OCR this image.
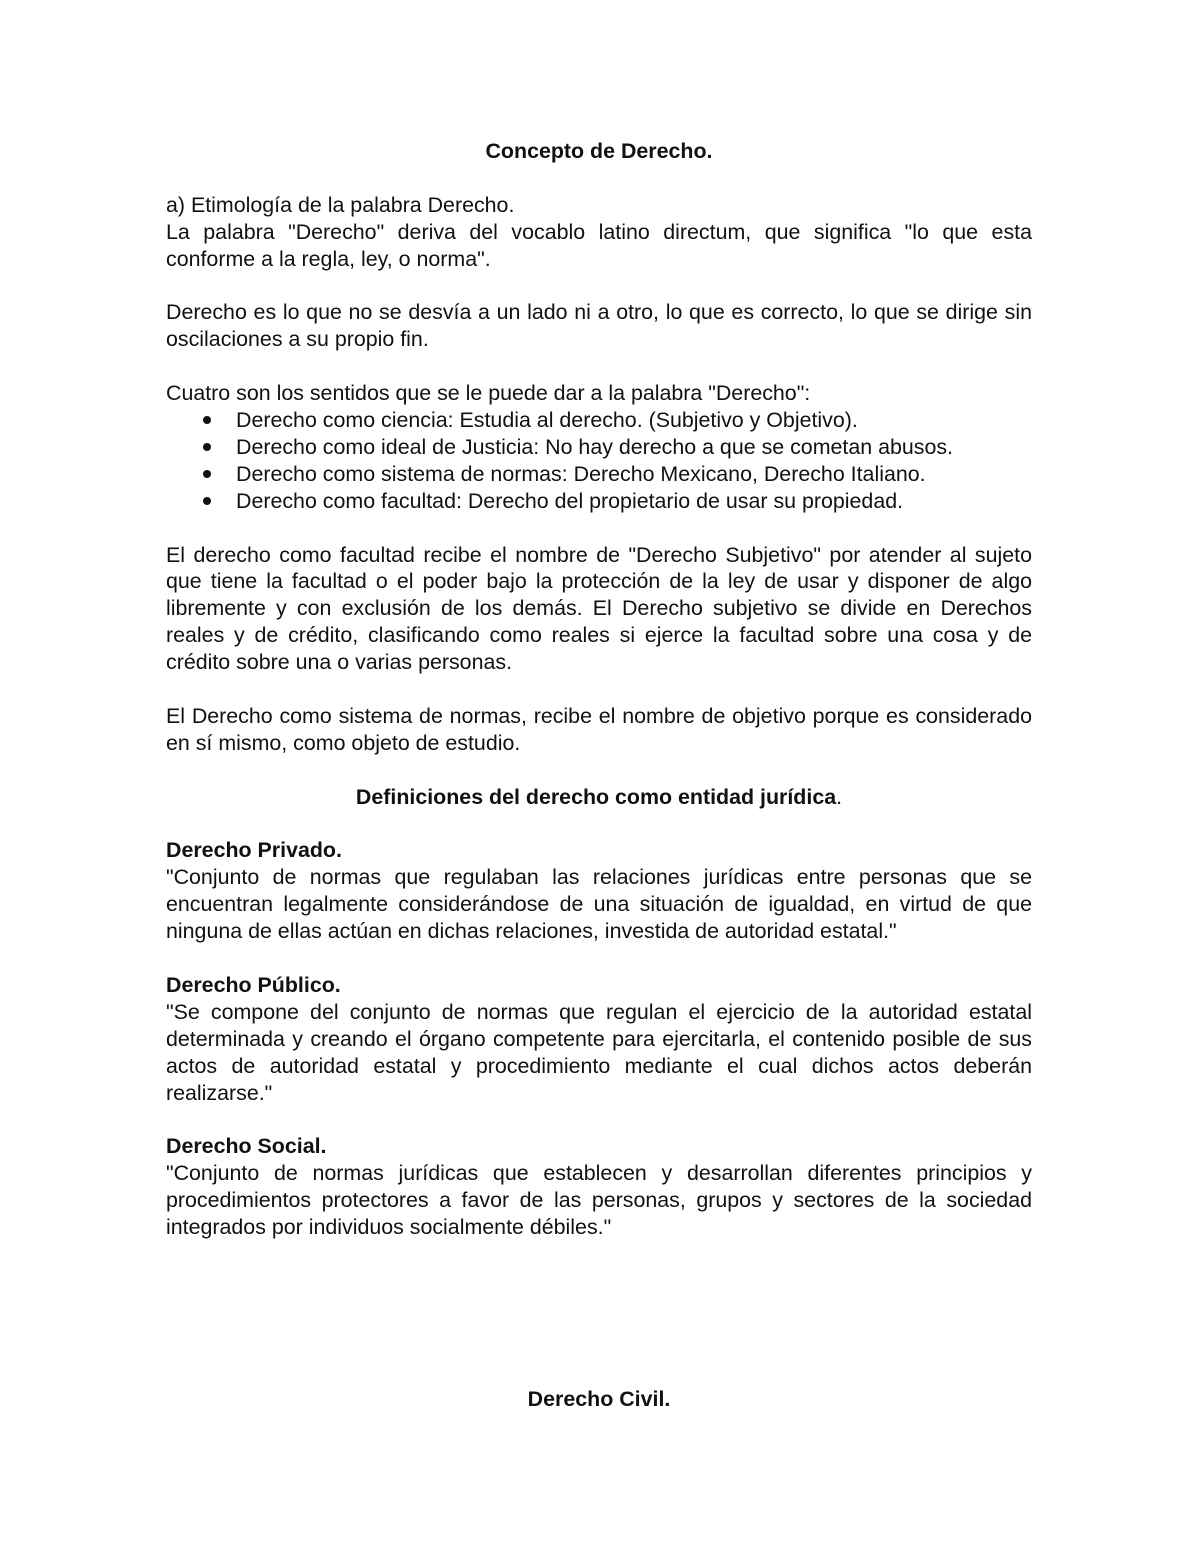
Concepto de Derecho.

a) Etimología de la palabra Derecho.

La palabra "Derecho" deriva del vocablo latino directum, que significa "lo que esta conforme a la regla, ley, o norma".

Derecho es lo que no se desvía a un lado ni a otro, lo que es correcto, lo que se dirige sin oscilaciones a su propio fin.

Cuatro son los sentidos que se le puede dar a la palabra "Derecho":

Derecho como ciencia: Estudia al derecho. (Subjetivo y Objetivo).
Derecho como ideal de Justicia: No hay derecho a que se cometan abusos.
Derecho como sistema de normas: Derecho Mexicano, Derecho Italiano.
Derecho como facultad: Derecho del propietario de usar su propiedad.

El derecho como facultad recibe el nombre de "Derecho Subjetivo" por atender al sujeto que tiene la facultad o el poder bajo la protección de la ley de usar y disponer de algo libremente y con exclusión de los demás. El Derecho subjetivo se divide en Derechos reales y de crédito, clasificando como reales si ejerce la facultad sobre una cosa y de crédito sobre una o varias personas.

El Derecho como sistema de normas, recibe el nombre de objetivo porque es considerado en sí mismo, como objeto de estudio.

Definiciones del derecho como entidad jurídica.

Derecho Privado.

"Conjunto de normas que regulaban las relaciones jurídicas entre personas que se encuentran legalmente considerándose de una situación de igualdad, en virtud de que ninguna de ellas actúan en dichas relaciones, investida de autoridad estatal."

Derecho Público.

"Se compone del conjunto de normas que regulan el ejercicio de la autoridad estatal determinada y creando el órgano competente para ejercitarla, el contenido posible de sus actos de autoridad estatal y procedimiento mediante el cual dichos actos deberán realizarse."

Derecho Social.

"Conjunto de normas jurídicas que establecen y desarrollan diferentes principios y procedimientos protectores a favor de las personas, grupos y sectores de la sociedad integrados por individuos socialmente débiles."

Derecho Civil.
